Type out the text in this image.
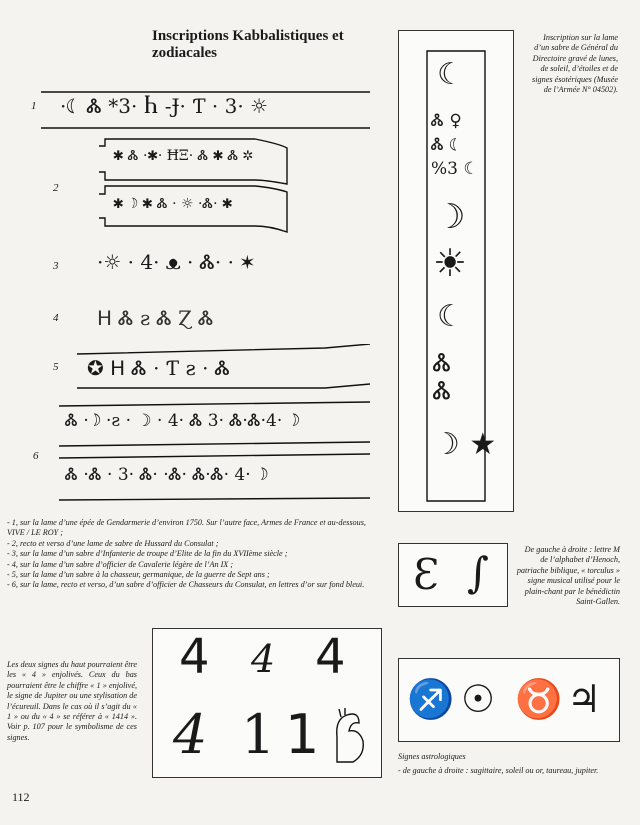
Inscriptions Kabbalistiques et zodiacales
1
2
3
4
5
6
·☾ Ꮬ *3· Ⴙ -Ɉ· Ƭ · 3· ☼
✱ Ꮬ ·✱· ĦΞ· Ꮬ ✱ Ꮬ ✲
✱ ☽ ✱ Ꮬ · ☼ ·Ꮬ· ✱
·☼ · 4· ᴥ · Ꮬ· · ✶
ᕼ Ꮬ ꙅ Ꮬ Ɀ Ꮬ
✪ ᕼ Ꮬ · Ƭ ꙅ · Ꮬ
Ꮬ ·☽ ·ꙅ · ☽ · 4· Ꮬ 3· Ꮬ·Ꮬ·4· ☽
Ꮬ ·Ꮬ · 3· Ꮬ· ·Ꮬ· Ꮬ·Ꮬ· 4· ☽
☾
Ꮬ ♀
Ꮬ ☾
%3 ☾
☽
☀
☾
Ꮬ
Ꮬ
☽ ★
Inscription sur la lame d’un sabre de Général du Directoire gravé de lunes, de soleil, d’étoiles et de signes ésotériques (Musée de l’Armée N° 04502).
- 1, sur la lame d’une épée de Gendarmerie d’environ 1750. Sur l’autre face, Armes de France et au-dessous, VIVE / LE ROY ;
- 2, recto et verso d’une lame de sabre de Hussard du Consulat ;
- 3, sur la lame d’un sabre d’Infanterie de troupe d’Elite de la fin du XVIIème siècle ;
- 4, sur la lame d’un sabre d’officier de Cavalerie légère de l’An IX ;
- 5, sur la lame d’un sabre à la chasseur, germanique, de la guerre de Sept ans ;
- 6, sur la lame, recto et verso, d’un sabre d’officier de Chasseurs du Consulat, en lettres d’or sur fond bleui.	Ɛ ∫	De gauche à droite : lettre M de l’alphabet d’Henoch, patriache biblique, « torculus » signe musical utilisé pour le plain-chant par le bénédictin Saint-Gallen.
4 4 4
4 1 1
Les deux signes du haut pourraient être les « 4 » enjolivés. Ceux du bas pourraient être le chiffre « 1 » enjolivé, le signe de Jupiter ou une stylisation de l’écureuil. Dans le cas où il s’agit du « 1 » ou du « 4 » se référer à « 1414 ». Voir p. 107 pour le symbolisme de ces signes.
♐ ☉ ♉ ♃
Signes astrologiques
- de gauche à droite : sagittaire, soleil ou or, taureau, jupiter.
112
